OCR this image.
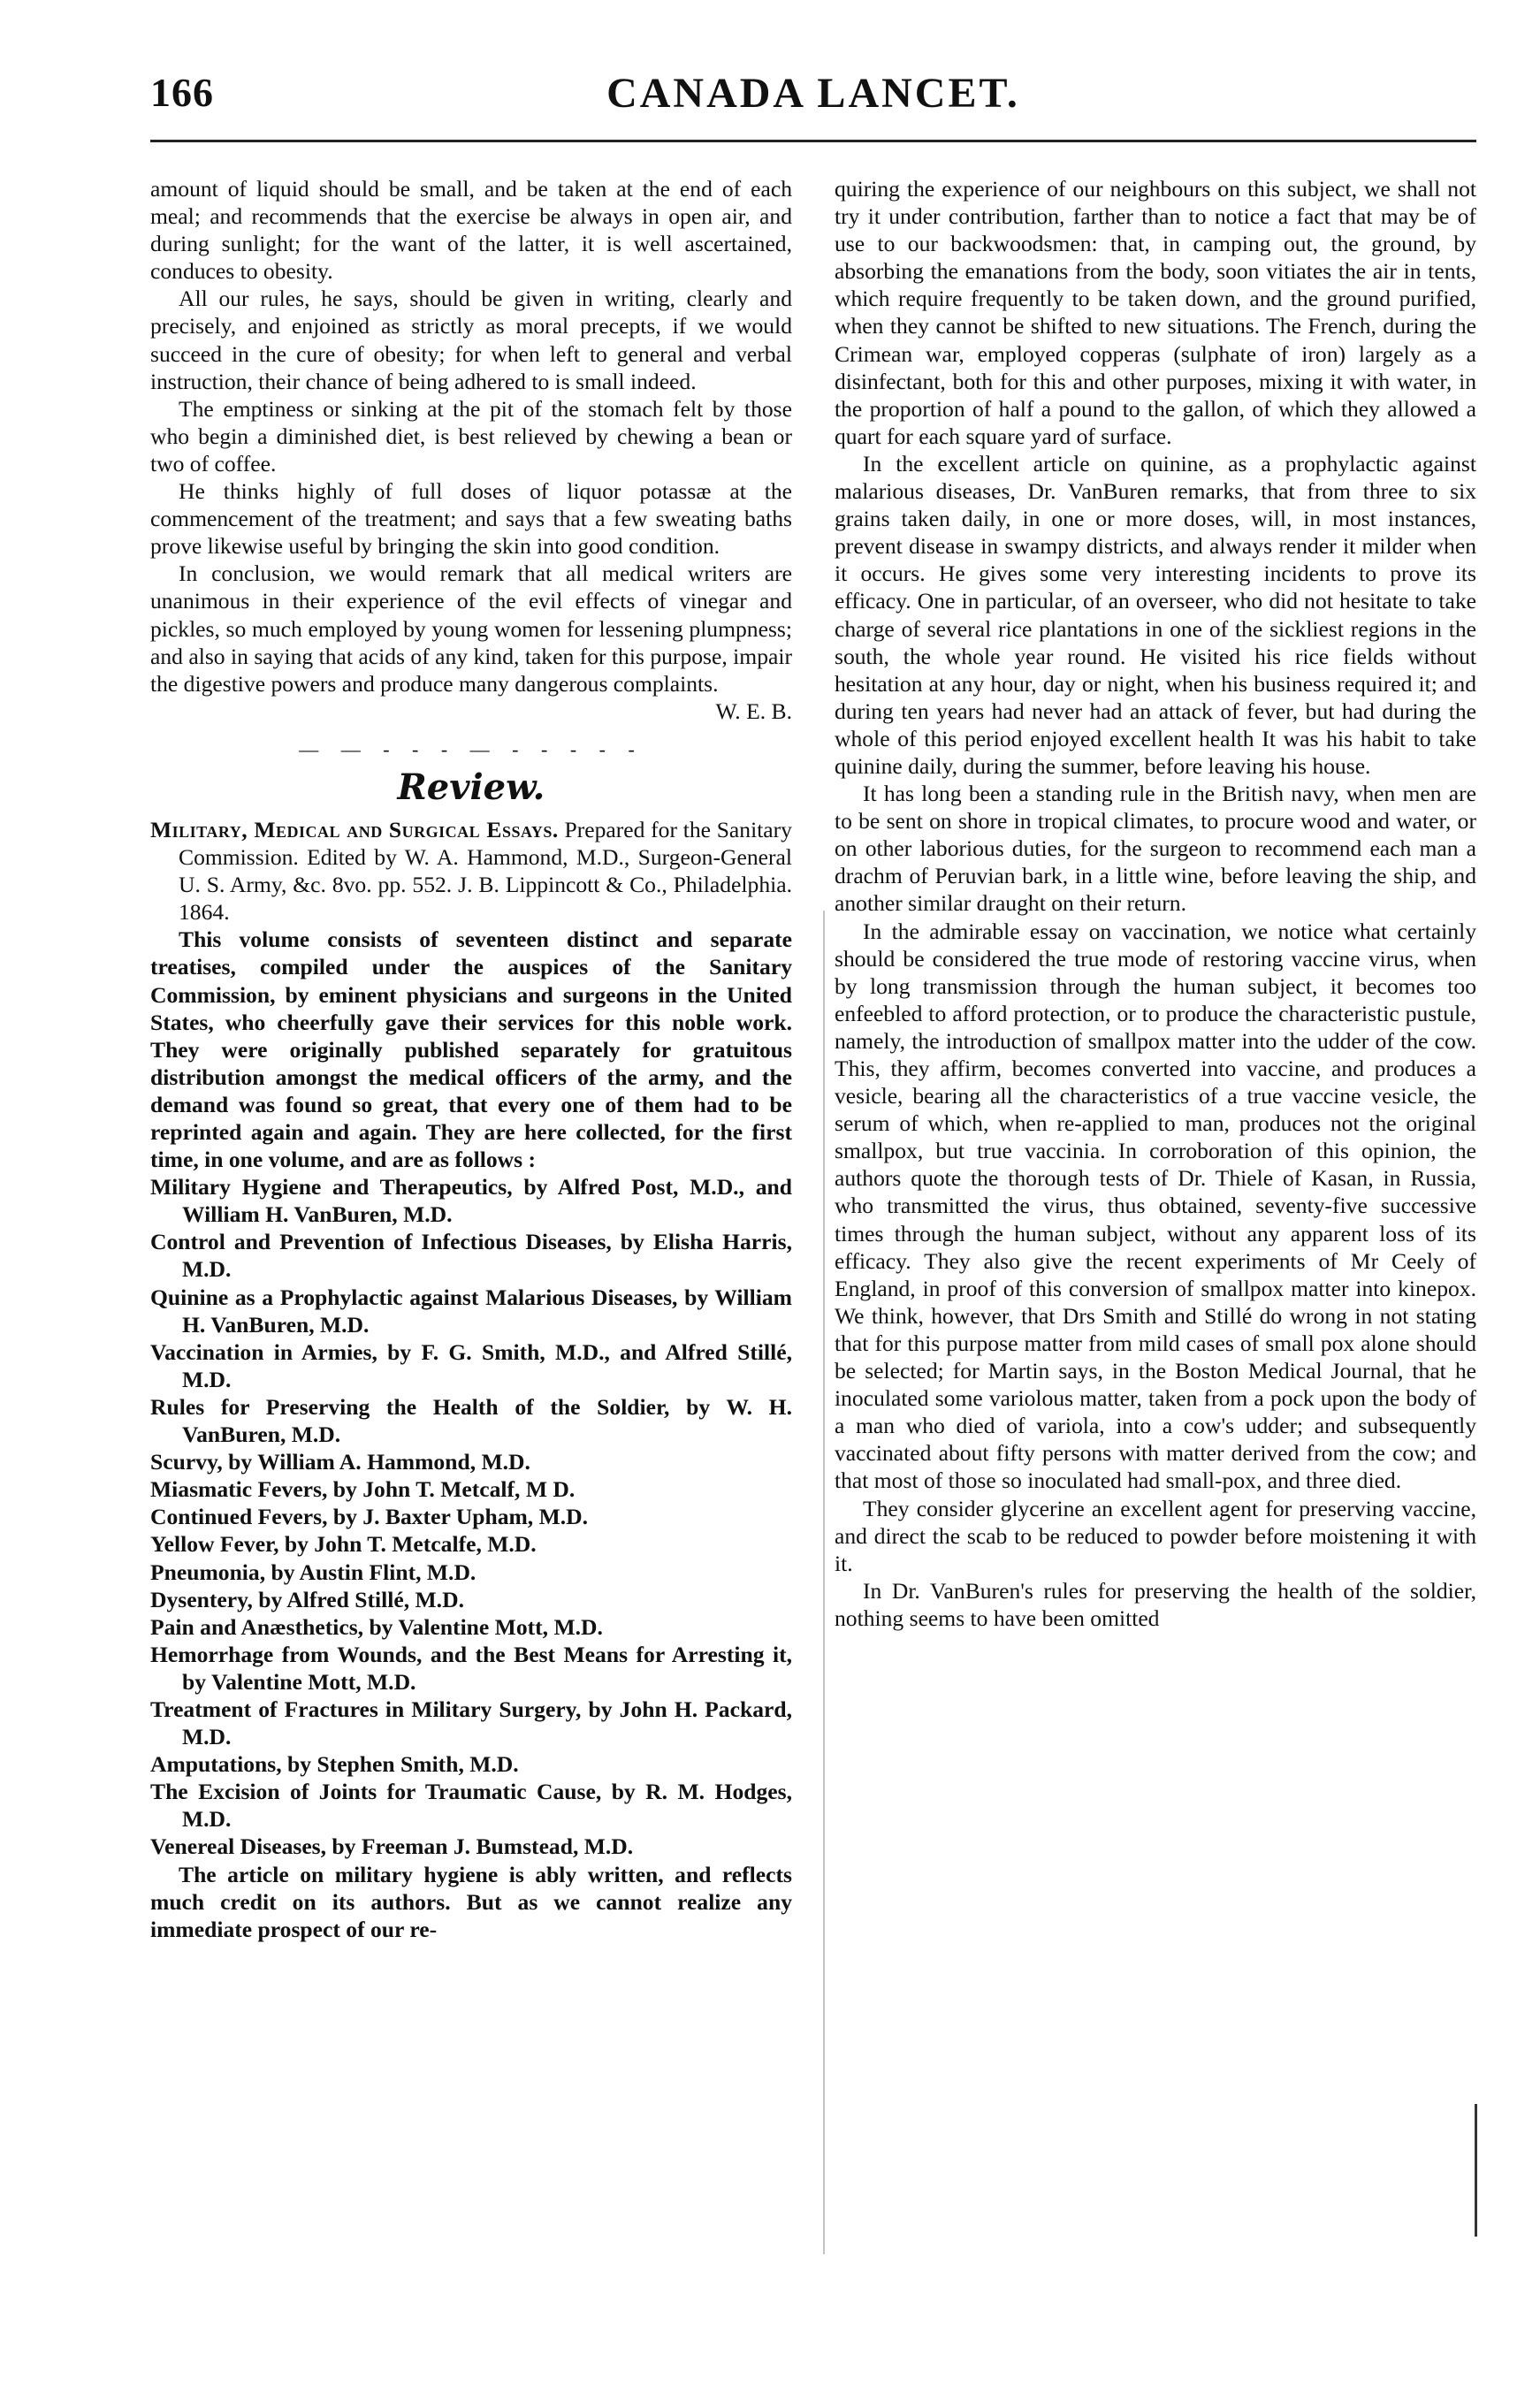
166	CANADA LANCET.

amount of liquid should be small, and be taken at the end of each meal; and recommends that the exercise be always in open air, and during sunlight; for the want of the latter, it is well ascertained, conduces to obesity.

All our rules, he says, should be given in writing, clearly and precisely, and enjoined as strictly as moral precepts, if we would succeed in the cure of obesity; for when left to general and verbal instruction, their chance of being adhered to is small indeed.

The emptiness or sinking at the pit of the stomach felt by those who begin a diminished diet, is best relieved by chewing a bean or two of coffee.

He thinks highly of full doses of liquor potassæ at the commencement of the treatment; and says that a few sweating baths prove likewise useful by bringing the skin into good condition.

In conclusion, we would remark that all medical writers are unanimous in their experience of the evil effects of vinegar and pickles, so much employed by young women for lessening plumpness; and also in saying that acids of any kind, taken for this purpose, impair the digestive powers and produce many dangerous complaints.

W. E. B.

— — - - - — - - - - -
Review.

Military, Medical and Surgical Essays. Prepared for the Sanitary Commission. Edited by W. A. Hammond, M.D., Surgeon-General U. S. Army, &c. 8vo. pp. 552. J. B. Lippincott & Co., Philadelphia. 1864.

This volume consists of seventeen distinct and separate treatises, compiled under the auspices of the Sanitary Commission, by eminent physicians and surgeons in the United States, who cheerfully gave their services for this noble work. They were originally published separately for gratuitous distribution amongst the medical officers of the army, and the demand was found so great, that every one of them had to be reprinted again and again. They are here collected, for the first time, in one volume, and are as follows :

Military Hygiene and Therapeutics, by Alfred Post, M.D., and William H. VanBuren, M.D.
Control and Prevention of Infectious Diseases, by Elisha Harris, M.D.
Quinine as a Prophylactic against Malarious Diseases, by William H. VanBuren, M.D.
Vaccination in Armies, by F. G. Smith, M.D., and Alfred Stillé, M.D.
Rules for Preserving the Health of the Soldier, by W. H. VanBuren, M.D.
Scurvy, by William A. Hammond, M.D.
Miasmatic Fevers, by John T. Metcalf, M D.
Continued Fevers, by J. Baxter Upham, M.D.
Yellow Fever, by John T. Metcalfe, M.D.
Pneumonia, by Austin Flint, M.D.
Dysentery, by Alfred Stillé, M.D.
Pain and Anæsthetics, by Valentine Mott, M.D.
Hemorrhage from Wounds, and the Best Means for Arresting it, by Valentine Mott, M.D.
Treatment of Fractures in Military Surgery, by John H. Packard, M.D.
Amputations, by Stephen Smith, M.D.
The Excision of Joints for Traumatic Cause, by R. M. Hodges, M.D.
Venereal Diseases, by Freeman J. Bumstead, M.D.

The article on military hygiene is ably written, and reflects much credit on its authors. But as we cannot realize any immediate prospect of our re-

quiring the experience of our neighbours on this subject, we shall not try it under contribution, farther than to notice a fact that may be of use to our backwoodsmen: that, in camping out, the ground, by absorbing the emanations from the body, soon vitiates the air in tents, which require frequently to be taken down, and the ground purified, when they cannot be shifted to new situations. The French, during the Crimean war, employed copperas (sulphate of iron) largely as a disinfectant, both for this and other purposes, mixing it with water, in the proportion of half a pound to the gallon, of which they allowed a quart for each square yard of surface.

In the excellent article on quinine, as a prophylactic against malarious diseases, Dr. VanBuren remarks, that from three to six grains taken daily, in one or more doses, will, in most instances, prevent disease in swampy districts, and always render it milder when it occurs. He gives some very interesting incidents to prove its efficacy. One in particular, of an overseer, who did not hesitate to take charge of several rice plantations in one of the sickliest regions in the south, the whole year round. He visited his rice fields without hesitation at any hour, day or night, when his business required it; and during ten years had never had an attack of fever, but had during the whole of this period enjoyed excellent health It was his habit to take quinine daily, during the summer, before leaving his house.

It has long been a standing rule in the British navy, when men are to be sent on shore in tropical climates, to procure wood and water, or on other laborious duties, for the surgeon to recommend each man a drachm of Peruvian bark, in a little wine, before leaving the ship, and another similar draught on their return.

In the admirable essay on vaccination, we notice what certainly should be considered the true mode of restoring vaccine virus, when by long transmission through the human subject, it becomes too enfeebled to afford protection, or to produce the characteristic pustule, namely, the introduction of smallpox matter into the udder of the cow. This, they affirm, becomes converted into vaccine, and produces a vesicle, bearing all the characteristics of a true vaccine vesicle, the serum of which, when re-applied to man, produces not the original smallpox, but true vaccinia. In corroboration of this opinion, the authors quote the thorough tests of Dr. Thiele of Kasan, in Russia, who transmitted the virus, thus obtained, seventy-five successive times through the human subject, without any apparent loss of its efficacy. They also give the recent experiments of Mr Ceely of England, in proof of this conversion of smallpox matter into kinepox. We think, however, that Drs Smith and Stillé do wrong in not stating that for this purpose matter from mild cases of small pox alone should be selected; for Martin says, in the Boston Medical Journal, that he inoculated some variolous matter, taken from a pock upon the body of a man who died of variola, into a cow's udder; and subsequently vaccinated about fifty persons with matter derived from the cow; and that most of those so inoculated had small-pox, and three died.

They consider glycerine an excellent agent for preserving vaccine, and direct the scab to be reduced to powder before moistening it with it.

In Dr. VanBuren's rules for preserving the health of the soldier, nothing seems to have been omitted
